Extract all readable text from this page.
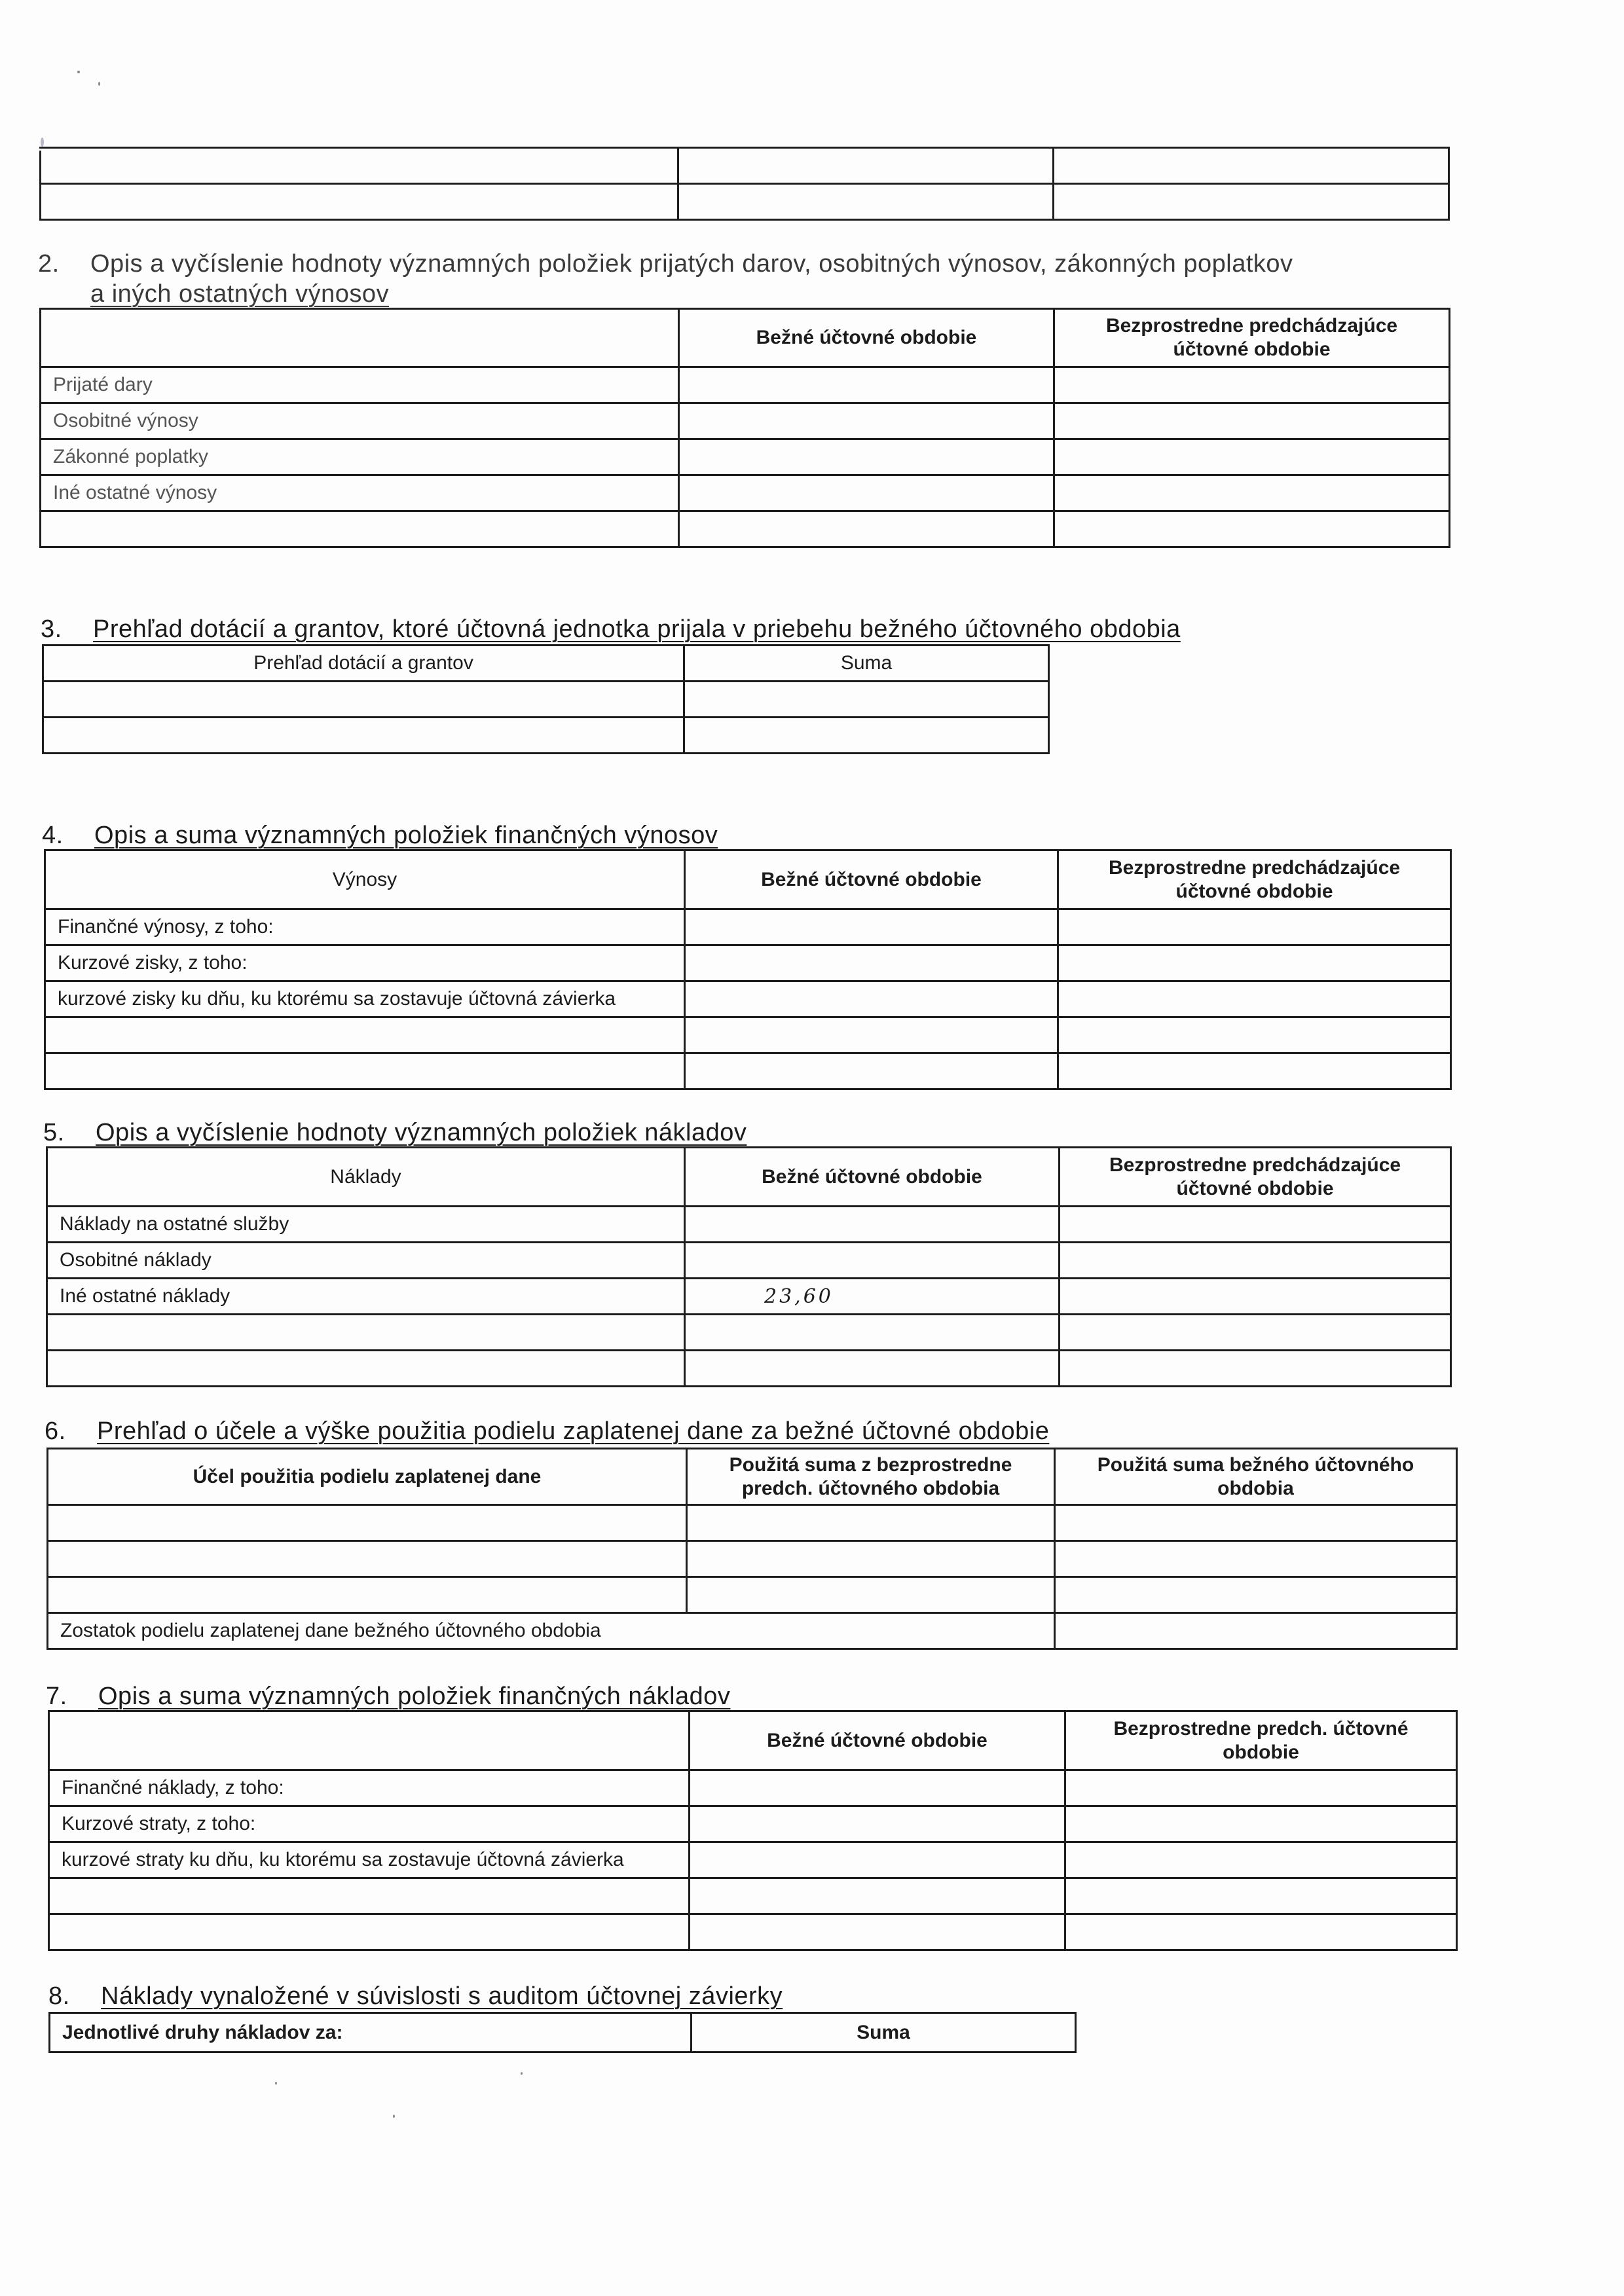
2. Opis a vyčíslenie hodnoty významných položiek prijatých darov, osobitných výnosov, zákonných poplatkov
a iných ostatných výnosov
	Bežné účtovné obdobie	Bezprostredne predchádzajúce účtovné obdobie
Prijaté dary		
Osobitné výnosy		
Zákonné poplatky		
Iné ostatné výnosy		

3. Prehľad dotácií a grantov, ktoré účtovná jednotka prijala v priebehu bežného účtovného obdobia
Prehľad dotácií a grantov	Suma

4. Opis a suma významných položiek finančných výnosov
Výnosy	Bežné účtovné obdobie	Bezprostredne predchádzajúce účtovné obdobie
Finančné výnosy, z toho:		
Kurzové zisky, z toho:		
kurzové zisky ku dňu, ku ktorému sa zostavuje účtovná závierka		

5. Opis a vyčíslenie hodnoty významných položiek nákladov
Náklady	Bežné účtovné obdobie	Bezprostredne predchádzajúce účtovné obdobie
Náklady na ostatné služby		
Osobitné náklady		
Iné ostatné náklady	23,60	

6. Prehľad o účele a výške použitia podielu zaplatenej dane za bežné účtovné obdobie
Účel použitia podielu zaplatenej dane	Použitá suma z bezprostredne predch. účtovného obdobia	Použitá suma bežného účtovného obdobia

Zostatok podielu zaplatenej dane bežného účtovného obdobia		
7. Opis a suma významných položiek finančných nákladov
	Bežné účtovné obdobie	Bezprostredne predch. účtovné obdobie
Finančné náklady, z toho:		
Kurzové straty, z toho:		
kurzové straty ku dňu, ku ktorému sa zostavuje účtovná závierka		

8. Náklady vynaložené v súvislosti s auditom účtovnej závierky
Jednotlivé druhy nákladov za:	Suma
